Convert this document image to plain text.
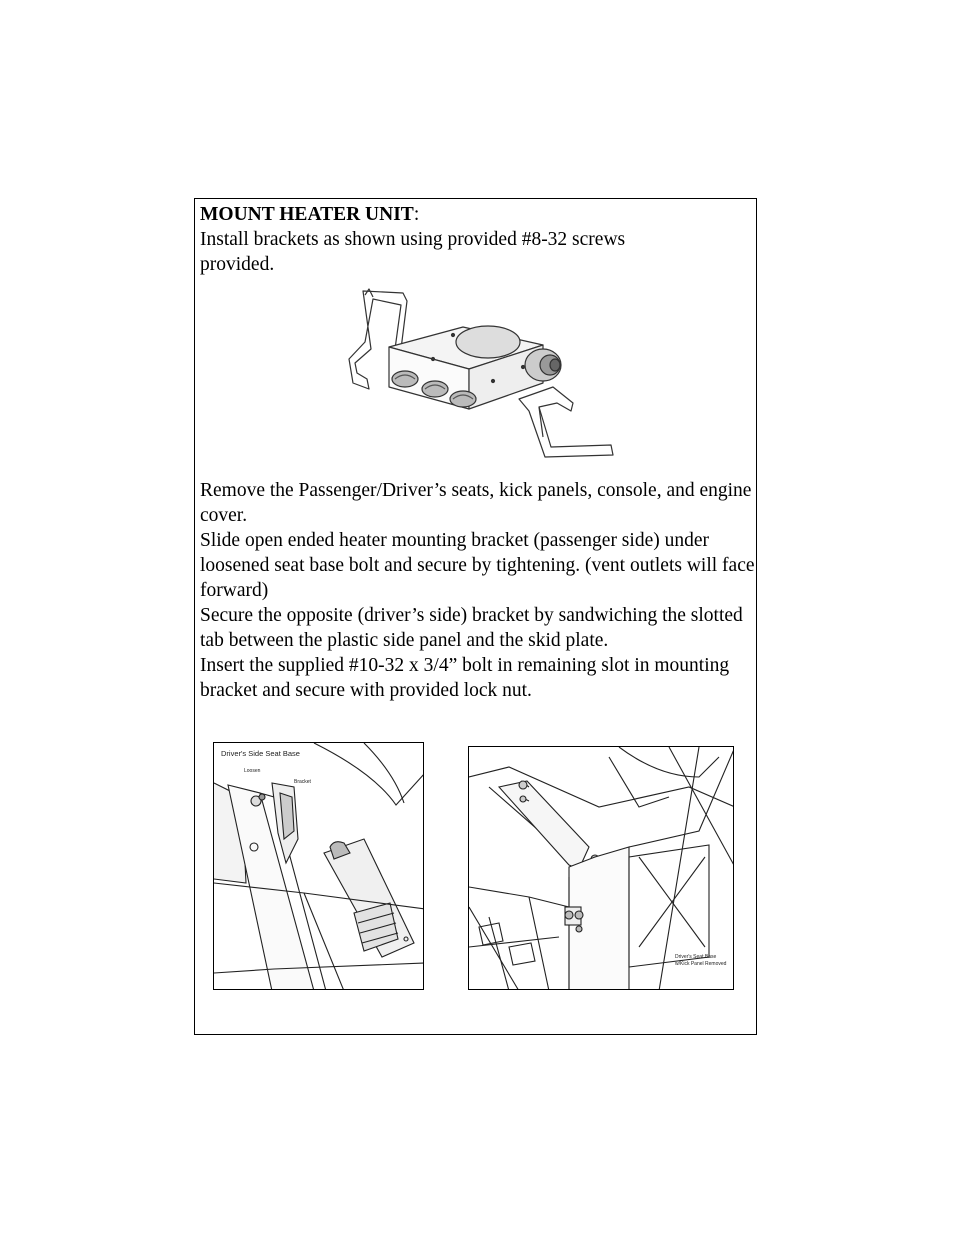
MOUNT HEATER UNIT:
Install brackets as shown using provided #8-32 screws provided.

Remove the Passenger/Driver’s seats, kick panels, console, and engine cover.

Slide open ended heater mounting bracket (passenger side) under loosened seat base bolt and secure by tightening. (vent outlets will face forward)

Secure the opposite (driver’s side) bracket by sandwiching the slotted tab between the plastic side panel and the skid plate.

Insert the supplied #10-32 x 3/4” bolt in remaining slot in mounting bracket and secure with provided lock nut.

Driver's Side Seat Base
Loosen
Bracket
Driver's Seat Base
w/Kick Panel Removed
